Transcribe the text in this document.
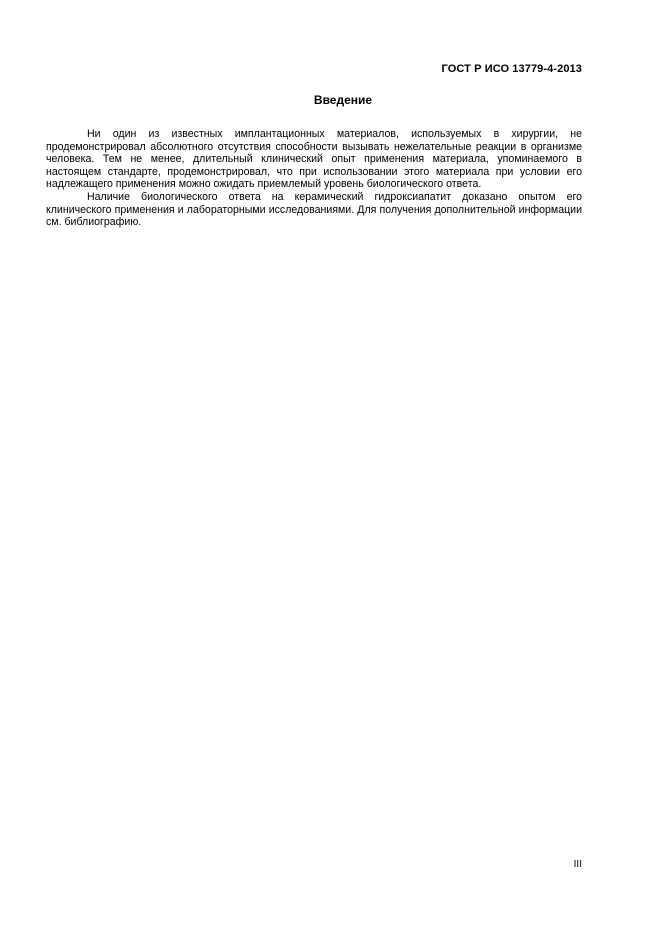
ГОСТ Р ИСО 13779-4-2013
Введение

Ни один из известных имплантационных материалов, используемых в хирургии, не продемонстрировал абсолютного отсутствия способности вызывать нежелательные реакции в организме человека. Тем не менее, длительный клинический опыт применения материала, упоминаемого в настоящем стандарте, продемонстрировал, что при использовании этого материала при условии его надлежащего применения можно ожидать приемлемый уровень биологического ответа.

Наличие биологического ответа на керамический гидроксиапатит доказано опытом его клинического применения и лабораторными исследованиями. Для получения дополнительной информации см. библиографию.

III
